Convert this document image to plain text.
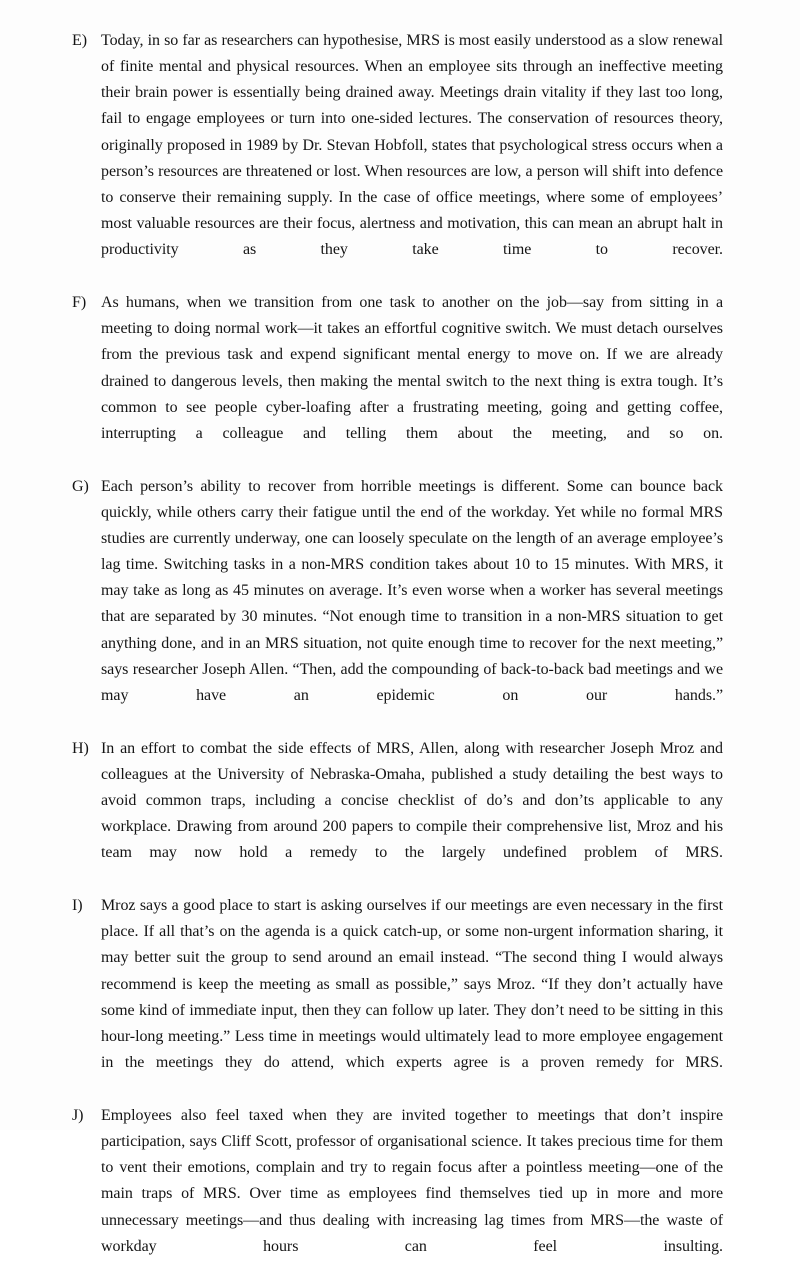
E) Today, in so far as researchers can hypothesise, MRS is most easily understood as a slow renewal of finite mental and physical resources. When an employee sits through an ineffective meeting their brain power is essentially being drained away. Meetings drain vitality if they last too long, fail to engage employees or turn into one-sided lectures. The conservation of resources theory, originally proposed in 1989 by Dr. Stevan Hobfoll, states that psychological stress occurs when a person’s resources are threatened or lost. When resources are low, a person will shift into defence to conserve their remaining supply. In the case of office meetings, where some of employees’ most valuable resources are their focus, alertness and motivation, this can mean an abrupt halt in productivity as they take time to recover.
F) As humans, when we transition from one task to another on the job—say from sitting in a meeting to doing normal work—it takes an effortful cognitive switch. We must detach ourselves from the previous task and expend significant mental energy to move on. If we are already drained to dangerous levels, then making the mental switch to the next thing is extra tough. It’s common to see people cyber-loafing after a frustrating meeting, going and getting coffee, interrupting a colleague and telling them about the meeting, and so on.
G) Each person’s ability to recover from horrible meetings is different. Some can bounce back quickly, while others carry their fatigue until the end of the workday. Yet while no formal MRS studies are currently underway, one can loosely speculate on the length of an average employee’s lag time. Switching tasks in a non-MRS condition takes about 10 to 15 minutes. With MRS, it may take as long as 45 minutes on average. It’s even worse when a worker has several meetings that are separated by 30 minutes. “Not enough time to transition in a non-MRS situation to get anything done, and in an MRS situation, not quite enough time to recover for the next meeting,” says researcher Joseph Allen. “Then, add the compounding of back-to-back bad meetings and we may have an epidemic on our hands.”
H) In an effort to combat the side effects of MRS, Allen, along with researcher Joseph Mroz and colleagues at the University of Nebraska-Omaha, published a study detailing the best ways to avoid common traps, including a concise checklist of do’s and don’ts applicable to any workplace. Drawing from around 200 papers to compile their comprehensive list, Mroz and his team may now hold a remedy to the largely undefined problem of MRS.
I)	Mroz says a good place to start is asking ourselves if our meetings are even necessary in the first place. If all that’s on the agenda is a quick catch-up, or some non-urgent information sharing, it may better suit the group to send around an email instead. “The second thing I would always recommend is keep the meeting as small as possible,” says Mroz. “If they don’t actually have some kind of immediate input, then they can follow up later. They don’t need to be sitting in this hour-long meeting.” Less time in meetings would ultimately lead to more employee engagement in the meetings they do attend, which experts agree is a proven remedy for MRS.
J)	Employees also feel taxed when they are invited together to meetings that don’t inspire participation, says Cliff Scott, professor of organisational science. It takes precious time for them to vent their emotions, complain and try to regain focus after a pointless meeting—one of the main traps of MRS. Over time as employees find themselves tied up in more and more unnecessary meetings—and thus dealing with increasing lag times from MRS—the waste of workday hours can feel insulting.
